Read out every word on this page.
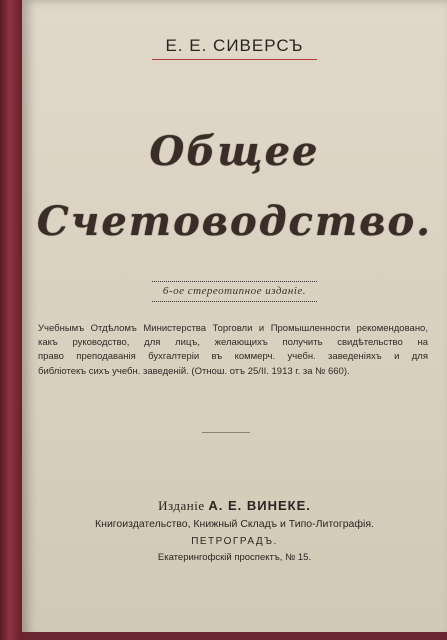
Е. Е. СИВЕРСЪ
Общее
Счетоводство.
6-ое стереотипное изданіе.
Учебнымъ Отдѣломъ Министерства Торговли и Промышленности рекомендовано,
какъ руководство, для лицъ, желающихъ получить свидѣтельство на
право преподаванія бухгалтеріи въ коммерч. учебн. заведеніяхъ и для
библіотекъ сихъ учебн. заведеній. (Отнош. отъ 25/II. 1913 г. за № 660).
Изданіе А. Е. ВИНЕКЕ.
Книгоиздательство, Книжный Складъ и Типо-Литографія.
ПЕТРОГРАДЪ.
Екатерингофскій проспектъ, № 15.
